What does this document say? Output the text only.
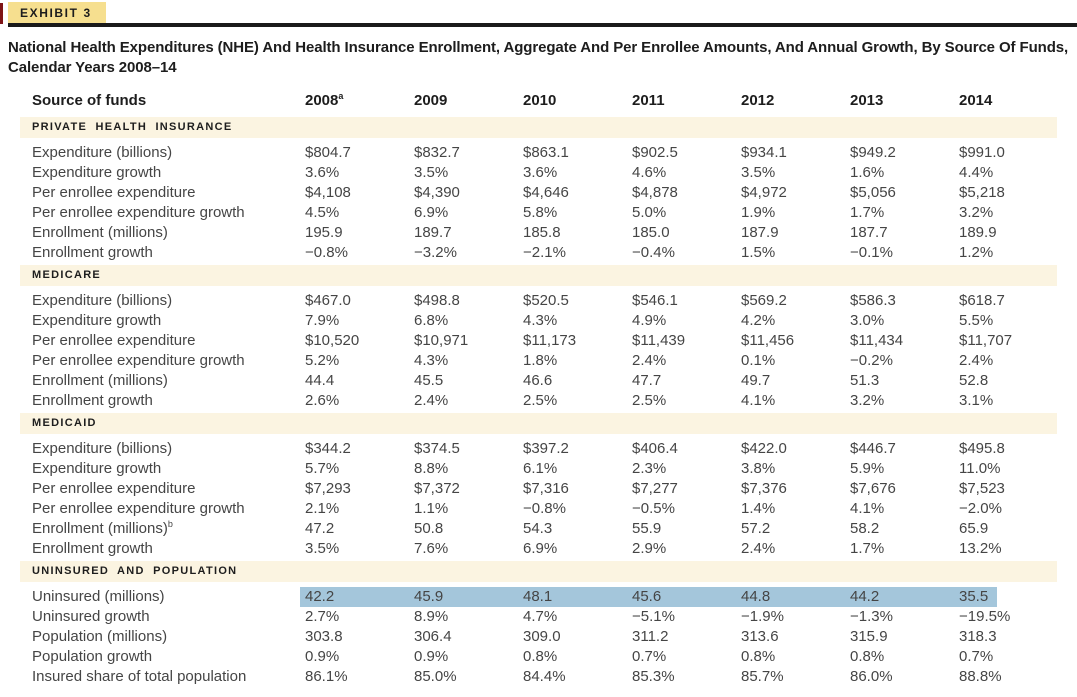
EXHIBIT 3
National Health Expenditures (NHE) And Health Insurance Enrollment, Aggregate And Per Enrollee Amounts, And Annual Growth, By Source Of Funds, Calendar Years 2008–14
Source of funds	2008$^a$	2009	2010	2011	2012	2013	2014
PRIVATE HEALTH INSURANCE
Expenditure (billions)	$804.7	$832.7	$863.1	$902.5	$934.1	$949.2	$991.0
Expenditure growth	3.6%	3.5%	3.6%	4.6%	3.5%	1.6%	4.4%
Per enrollee expenditure	$4,108	$4,390	$4,646	$4,878	$4,972	$5,056	$5,218
Per enrollee expenditure growth	4.5%	6.9%	5.8%	5.0%	1.9%	1.7%	3.2%
Enrollment (millions)	195.9	189.7	185.8	185.0	187.9	187.7	189.9
Enrollment growth	−0.8%	−3.2%	−2.1%	−0.4%	1.5%	−0.1%	1.2%
MEDICARE
Expenditure (billions)	$467.0	$498.8	$520.5	$546.1	$569.2	$586.3	$618.7
Expenditure growth	7.9%	6.8%	4.3%	4.9%	4.2%	3.0%	5.5%
Per enrollee expenditure	$10,520	$10,971	$11,173	$11,439	$11,456	$11,434	$11,707
Per enrollee expenditure growth	5.2%	4.3%	1.8%	2.4%	0.1%	−0.2%	2.4%
Enrollment (millions)	44.4	45.5	46.6	47.7	49.7	51.3	52.8
Enrollment growth	2.6%	2.4%	2.5%	2.5%	4.1%	3.2%	3.1%
MEDICAID
Expenditure (billions)	$344.2	$374.5	$397.2	$406.4	$422.0	$446.7	$495.8
Expenditure growth	5.7%	8.8%	6.1%	2.3%	3.8%	5.9%	11.0%
Per enrollee expenditure	$7,293	$7,372	$7,316	$7,277	$7,376	$7,676	$7,523
Per enrollee expenditure growth	2.1%	1.1%	−0.8%	−0.5%	1.4%	4.1%	−2.0%
Enrollment (millions)$^b$	47.2	50.8	54.3	55.9	57.2	58.2	65.9
Enrollment growth	3.5%	7.6%	6.9%	2.9%	2.4%	1.7%	13.2%
UNINSURED AND POPULATION
Uninsured (millions)	42.2	45.9	48.1	45.6	44.8	44.2	35.5
Uninsured growth	2.7%	8.9%	4.7%	−5.1%	−1.9%	−1.3%	−19.5%
Population (millions)	303.8	306.4	309.0	311.2	313.6	315.9	318.3
Population growth	0.9%	0.9%	0.8%	0.7%	0.8%	0.8%	0.7%
Insured share of total population	86.1%	85.0%	84.4%	85.3%	85.7%	86.0%	88.8%
